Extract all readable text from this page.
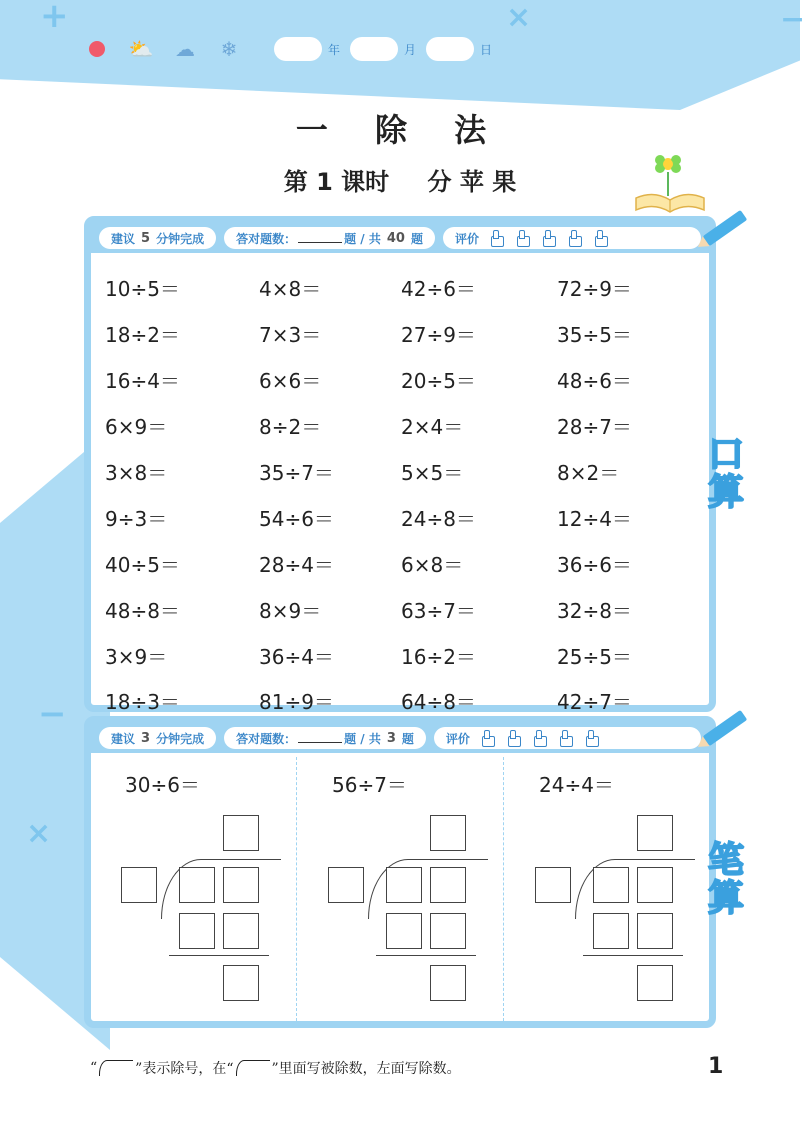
+	×	−
−
×
⛅	☁	❄	年	月	日
一 除 法
第 1 课时 分 苹 果
建议 5 分钟完成	答对题数：	题 / 共 40 题	评价
10÷5＝	4×8＝	42÷6＝	72÷9＝
18÷2＝	7×3＝	27÷9＝	35÷5＝
16÷4＝	6×6＝	20÷5＝	48÷6＝
6×9＝	8÷2＝	2×4＝	28÷7＝
3×8＝	35÷7＝	5×5＝	8×2＝
9÷3＝	54÷6＝	24÷8＝	12÷4＝
40÷5＝	28÷4＝	6×8＝	36÷6＝
48÷8＝	8×9＝	63÷7＝	32÷8＝
3×9＝	36÷4＝	16÷2＝	25÷5＝
18÷3＝	81÷9＝	64÷8＝	42÷7＝
口
算
建议 3 分钟完成	答对题数：	题 / 共 3 题	评价
30÷6＝	56÷7＝	24÷4＝
笔
算
“	”表示除号，在“	”里面写被除数，左面写除数。	1
